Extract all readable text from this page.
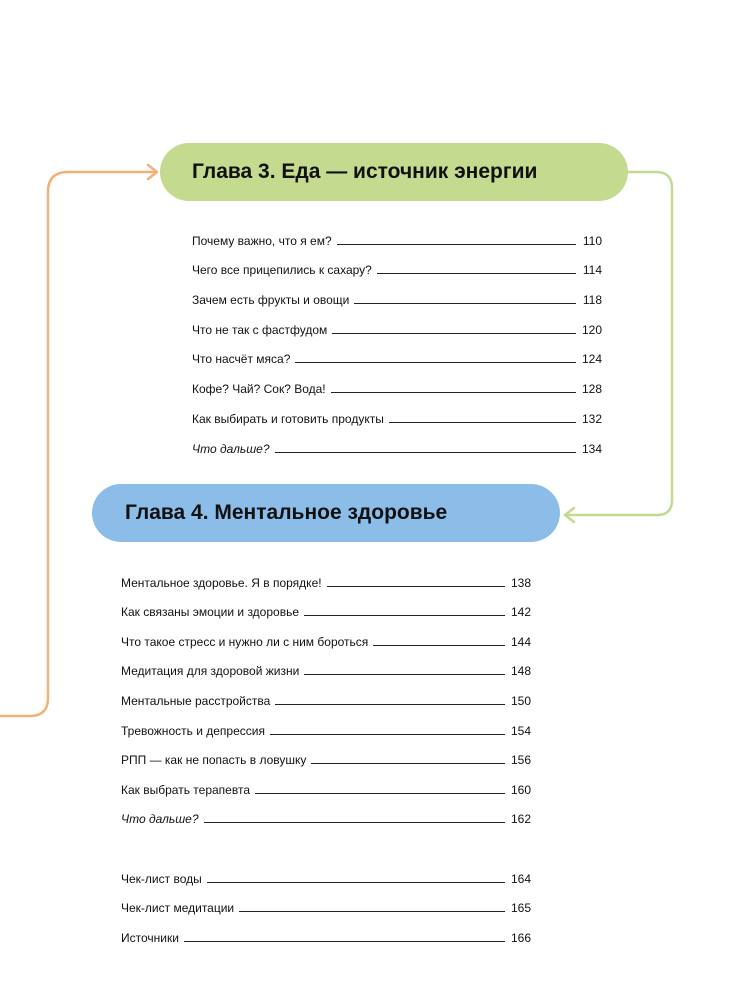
Глава 3. Еда — источник энергии
Почему важно, что я ем?	110
Чего все прицепились к сахару?	114
Зачем есть фрукты и овощи	118
Что не так с фастфудом	120
Что насчёт мяса?	124
Кофе? Чай? Сок? Вода!	128
Как выбирать и готовить продукты	132
Что дальше?	134
Глава 4. Ментальное здоровье
Ментальное здоровье. Я в порядке!	138
Как связаны эмоции и здоровье	142
Что такое стресс и нужно ли с ним бороться	144
Медитация для здоровой жизни	148
Ментальные расстройства	150
Тревожность и депрессия	154
РПП — как не попасть в ловушку	156
Как выбрать терапевта	160
Что дальше?	162
Чек-лист воды	164
Чек-лист медитации	165
Источники	166
